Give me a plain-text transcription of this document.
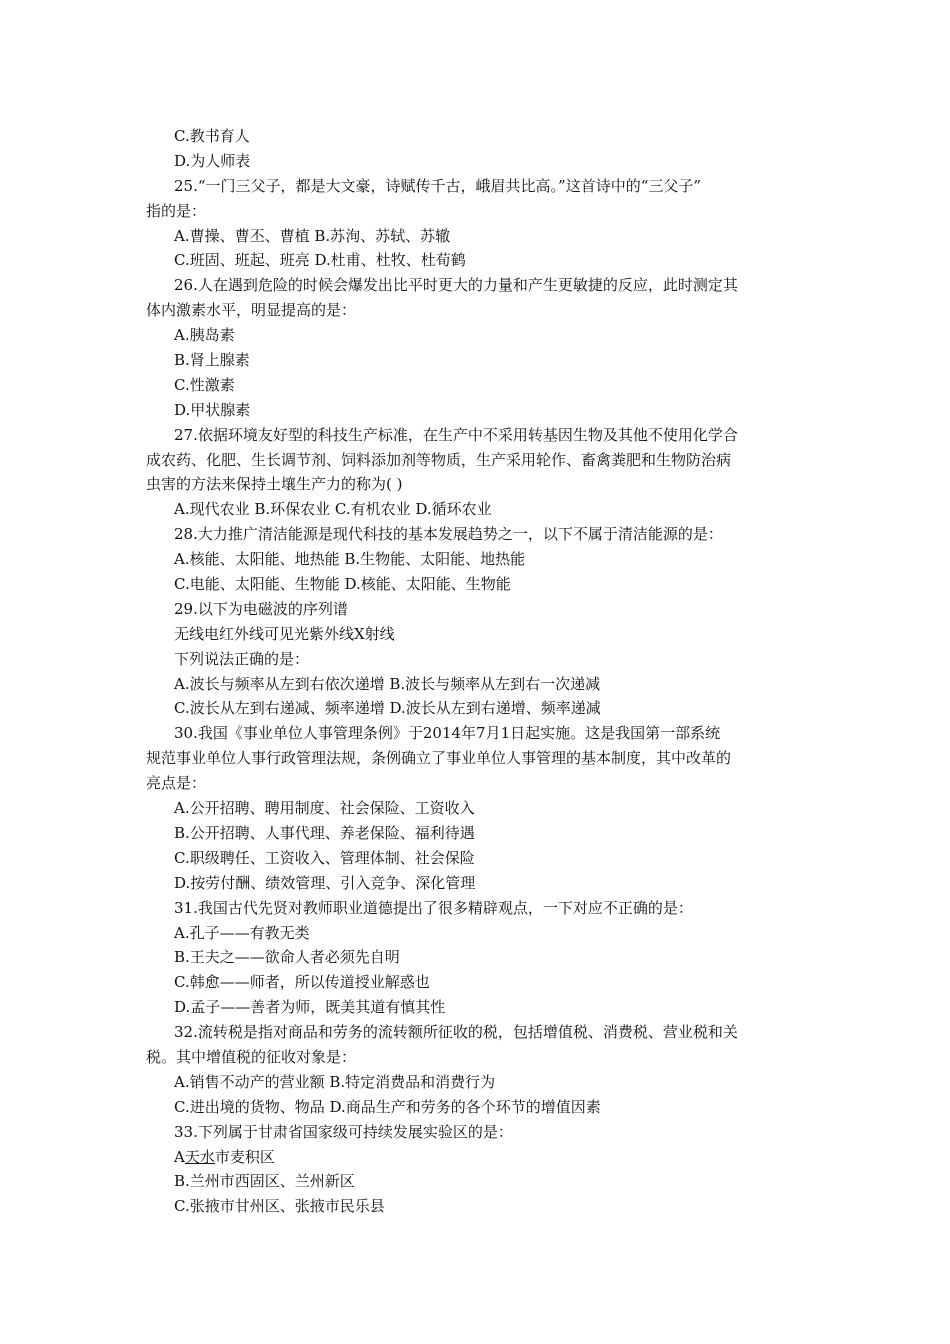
C.教书育人
D.为人师表
25.“一门三父子，都是大文豪，诗赋传千古，峨眉共比高。”这首诗中的“三父子”
指的是：
A.曹操、曹丕、曹植 B.苏洵、苏轼、苏辙
C.班固、班起、班亮 D.杜甫、杜牧、杜荀鹤
26.人在遇到危险的时候会爆发出比平时更大的力量和产生更敏捷的反应，此时测定其
体内激素水平，明显提高的是：
A.胰岛素
B.肾上腺素
C.性激素
D.甲状腺素
27.依据环境友好型的科技生产标准，在生产中不采用转基因生物及其他不使用化学合
成农药、化肥、生长调节剂、饲料添加剂等物质，生产采用轮作、畜禽粪肥和生物防治病
虫害的方法来保持土壤生产力的称为( )
A.现代农业 B.环保农业 C.有机农业 D.循环农业
28.大力推广清洁能源是现代科技的基本发展趋势之一，以下不属于清洁能源的是：
A.核能、太阳能、地热能 B.生物能、太阳能、地热能
C.电能、太阳能、生物能 D.核能、太阳能、生物能
29.以下为电磁波的序列谱
无线电红外线可见光紫外线X射线
下列说法正确的是：
A.波长与频率从左到右依次递增 B.波长与频率从左到右一次递减
C.波长从左到右递减、频率递增 D.波长从左到右递增、频率递减
30.我国《事业单位人事管理条例》于2014年7月1日起实施。这是我国第一部系统
规范事业单位人事行政管理法规，条例确立了事业单位人事管理的基本制度，其中改革的
亮点是：
A.公开招聘、聘用制度、社会保险、工资收入
B.公开招聘、人事代理、养老保险、福利待遇
C.职级聘任、工资收入、管理体制、社会保险
D.按劳付酬、绩效管理、引入竞争、深化管理
31.我国古代先贤对教师职业道德提出了很多精辟观点，一下对应不正确的是：
A.孔子——有教无类
B.王夫之——欲命人者必须先自明
C.韩愈——师者，所以传道授业解惑也
D.孟子——善者为师，既美其道有慎其性
32.流转税是指对商品和劳务的流转额所征收的税，包括增值税、消费税、营业税和关
税。其中增值税的征收对象是：
A.销售不动产的营业额 B.特定消费品和消费行为
C.进出境的货物、物品 D.商品生产和劳务的各个环节的增值因素
33.下列属于甘肃省国家级可持续发展实验区的是：
A天水市麦积区
B.兰州市西固区、兰州新区
C.张掖市甘州区、张掖市民乐县
